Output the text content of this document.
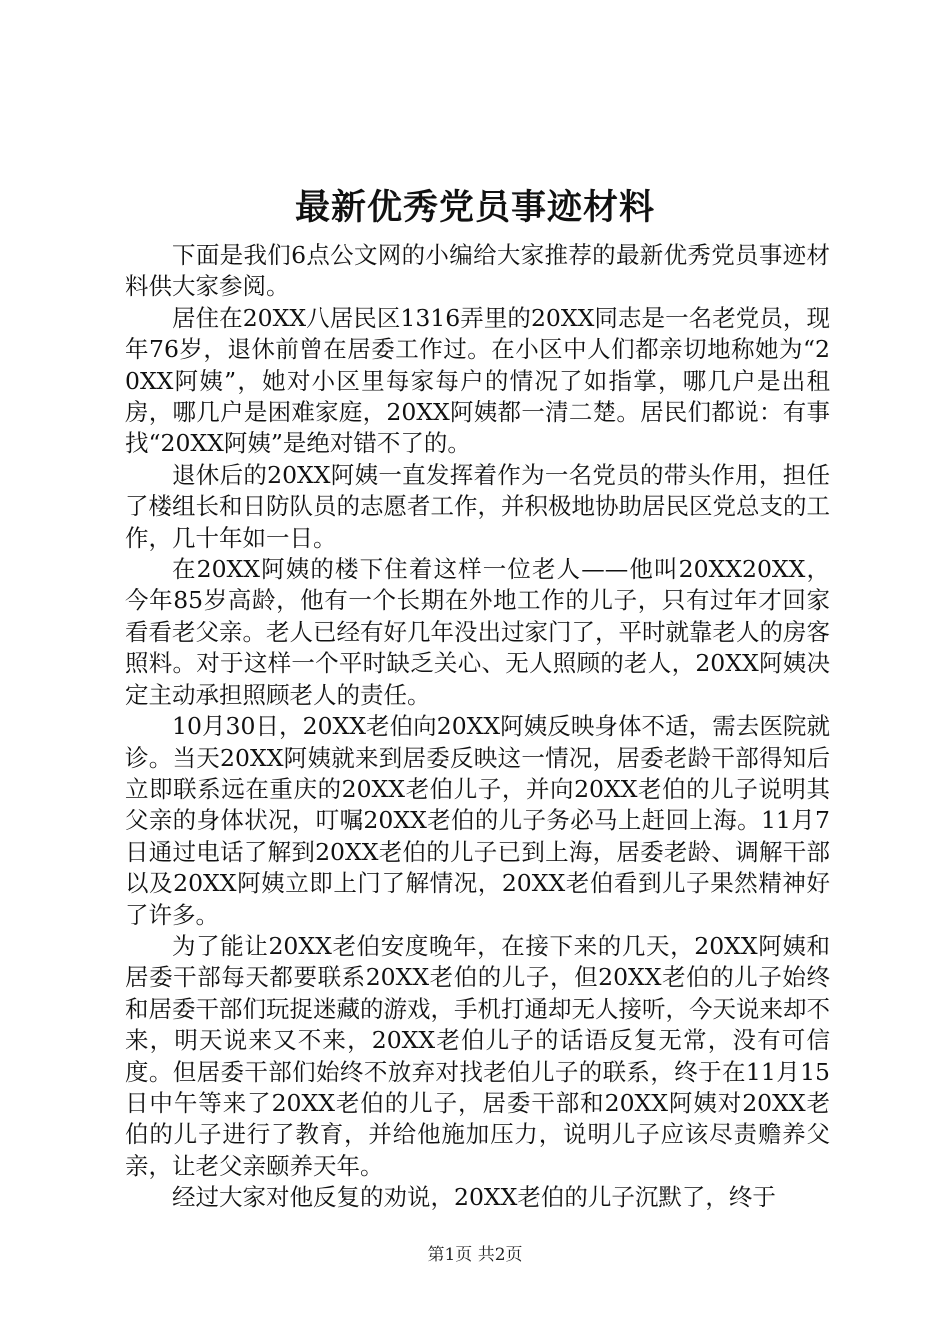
最新优秀党员事迹材料

下面是我们6点公文网的小编给大家推荐的最新优秀党员事迹材料供大家参阅。

居住在20XX八居民区1316弄里的20XX同志是一名老党员，现年76岁，退休前曾在居委工作过。在小区中人们都亲切地称她为“20XX阿姨”，她对小区里每家每户的情况了如指掌，哪几户是出租房，哪几户是困难家庭，20XX阿姨都一清二楚。居民们都说：有事找“20XX阿姨”是绝对错不了的。

退休后的20XX阿姨一直发挥着作为一名党员的带头作用，担任了楼组长和日防队员的志愿者工作，并积极地协助居民区党总支的工作，几十年如一日。

在20XX阿姨的楼下住着这样一位老人——他叫20XX20XX，今年85岁高龄，他有一个长期在外地工作的儿子，只有过年才回家看看老父亲。老人已经有好几年没出过家门了，平时就靠老人的房客照料。对于这样一个平时缺乏关心、无人照顾的老人，20XX阿姨决定主动承担照顾老人的责任。

10月30日，20XX老伯向20XX阿姨反映身体不适，需去医院就诊。当天20XX阿姨就来到居委反映这一情况，居委老龄干部得知后立即联系远在重庆的20XX老伯儿子，并向20XX老伯的儿子说明其父亲的身体状况，叮嘱20XX老伯的儿子务必马上赶回上海。11月7日通过电话了解到20XX老伯的儿子已到上海，居委老龄、调解干部以及20XX阿姨立即上门了解情况，20XX老伯看到儿子果然精神好了许多。

为了能让20XX老伯安度晚年，在接下来的几天，20XX阿姨和居委干部每天都要联系20XX老伯的儿子，但20XX老伯的儿子始终和居委干部们玩捉迷藏的游戏，手机打通却无人接听，今天说来却不来，明天说来又不来，20XX老伯儿子的话语反复无常，没有可信度。但居委干部们始终不放弃对找老伯儿子的联系，终于在11月15日中午等来了20XX老伯的儿子，居委干部和20XX阿姨对20XX老伯的儿子进行了教育，并给他施加压力，说明儿子应该尽责赡养父亲，让老父亲颐养天年。

经过大家对他反复的劝说，20XX老伯的儿子沉默了，终于

第1页 共2页
